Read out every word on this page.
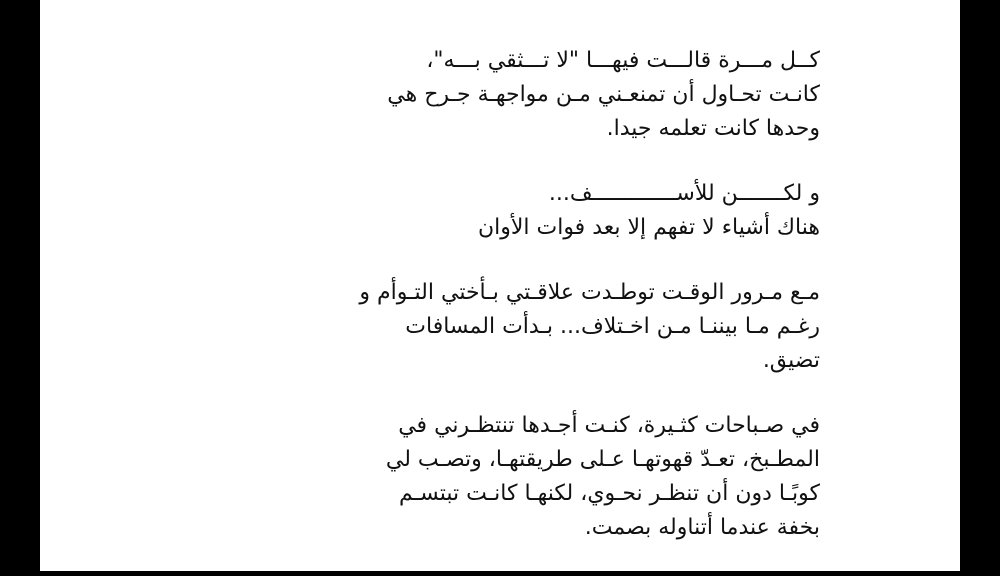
كــل مـــرة قالـــت فيهـــا "لا تـــثقي بـــه"،
كانـت تحـاول أن تمنعـني مـن مواجهـة جـرح هي
وحدها كانت تعلمه جيدا.

و لكـــــــن للأســـــــــــــف...
هناك أشياء لا تفهم إلا بعد فوات الأوان

مـع مـرور الوقـت توطـدت علاقـتي بـأختي التـوأم و
رغـم مـا بيننـا مـن اخـتلاف... بـدأت المسافات
تضيق.

في صـباحات كثـيرة، كنـت أجـدها تنتظـرني في
المطـبخ، تعـدّ قهوتهـا عـلى طريقتهـا، وتصـب لي
كوبًـا دون أن تنظـر نحـوي، لكنهـا كانـت تبتسـم
بخفة عندما أتناوله بصمت.
